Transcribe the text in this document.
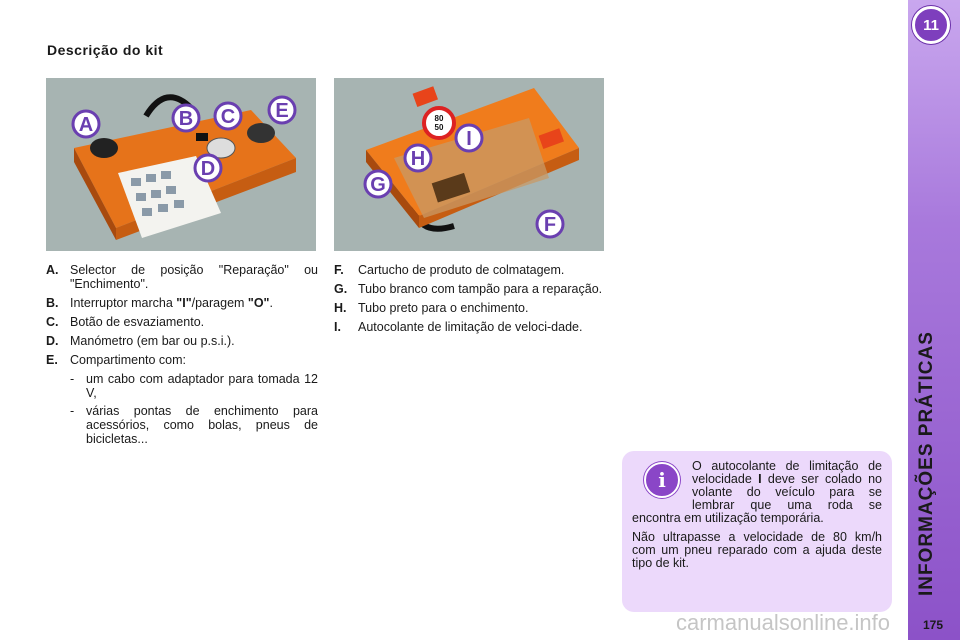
Descrição do kit
A	B C E
D
80
50
I
H
G
F
A. Selector de posição "Reparação" ou "Enchimento".
B. Interruptor marcha "I"/paragem "O".
C. Botão de esvaziamento.
D. Manómetro (em bar ou p.s.i.).
E. Compartimento com:
- um cabo com adaptador para tomada 12 V,
- várias pontas de enchimento para acessórios, como bolas, pneus de bicicletas...
F.	Cartucho de produto de colmatagem.
G. Tubo branco com tampão para a reparação.
H. Tubo preto para o enchimento.
I.	Autocolante de limitação de veloci-dade.
i

O autocolante de limitação de velocidade I deve ser colado no volante do veículo para se lembrar que uma roda se encontra em utilização temporária.

Não ultrapasse a velocidade de 80 km/h com um pneu reparado com a ajuda deste tipo de kit.

11
INFORMAÇÕES PRÁTICAS
175
carmanualsonline.info
